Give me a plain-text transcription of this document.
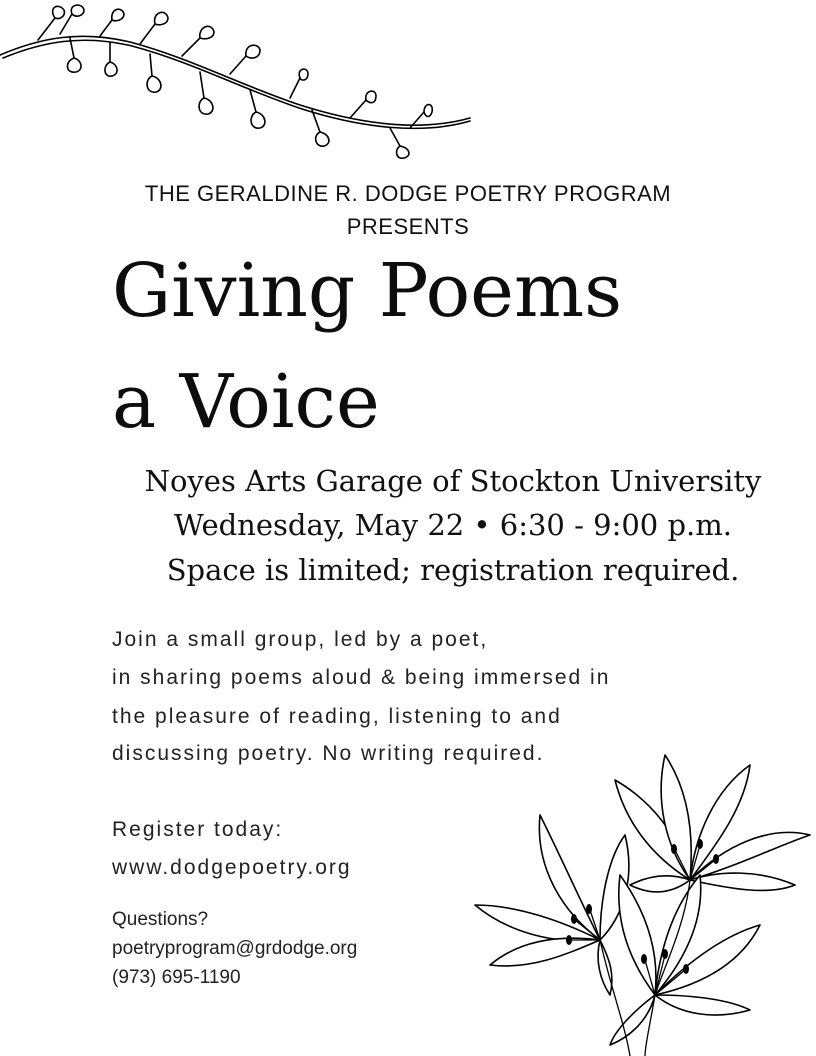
THE GERALDINE R. DODGE POETRY PROGRAM
PRESENTS
Giving Poems
a Voice
Noyes Arts Garage of Stockton University
Wednesday, May 22 • 6:30 - 9:00 p.m.
Space is limited; registration required.
Join a small group, led by a poet,
in sharing poems aloud & being immersed in
the pleasure of reading, listening to and
discussing poetry. No writing required.
Register today:
www.dodgepoetry.org
Questions?
poetryprogram@grdodge.org
(973) 695-1190
